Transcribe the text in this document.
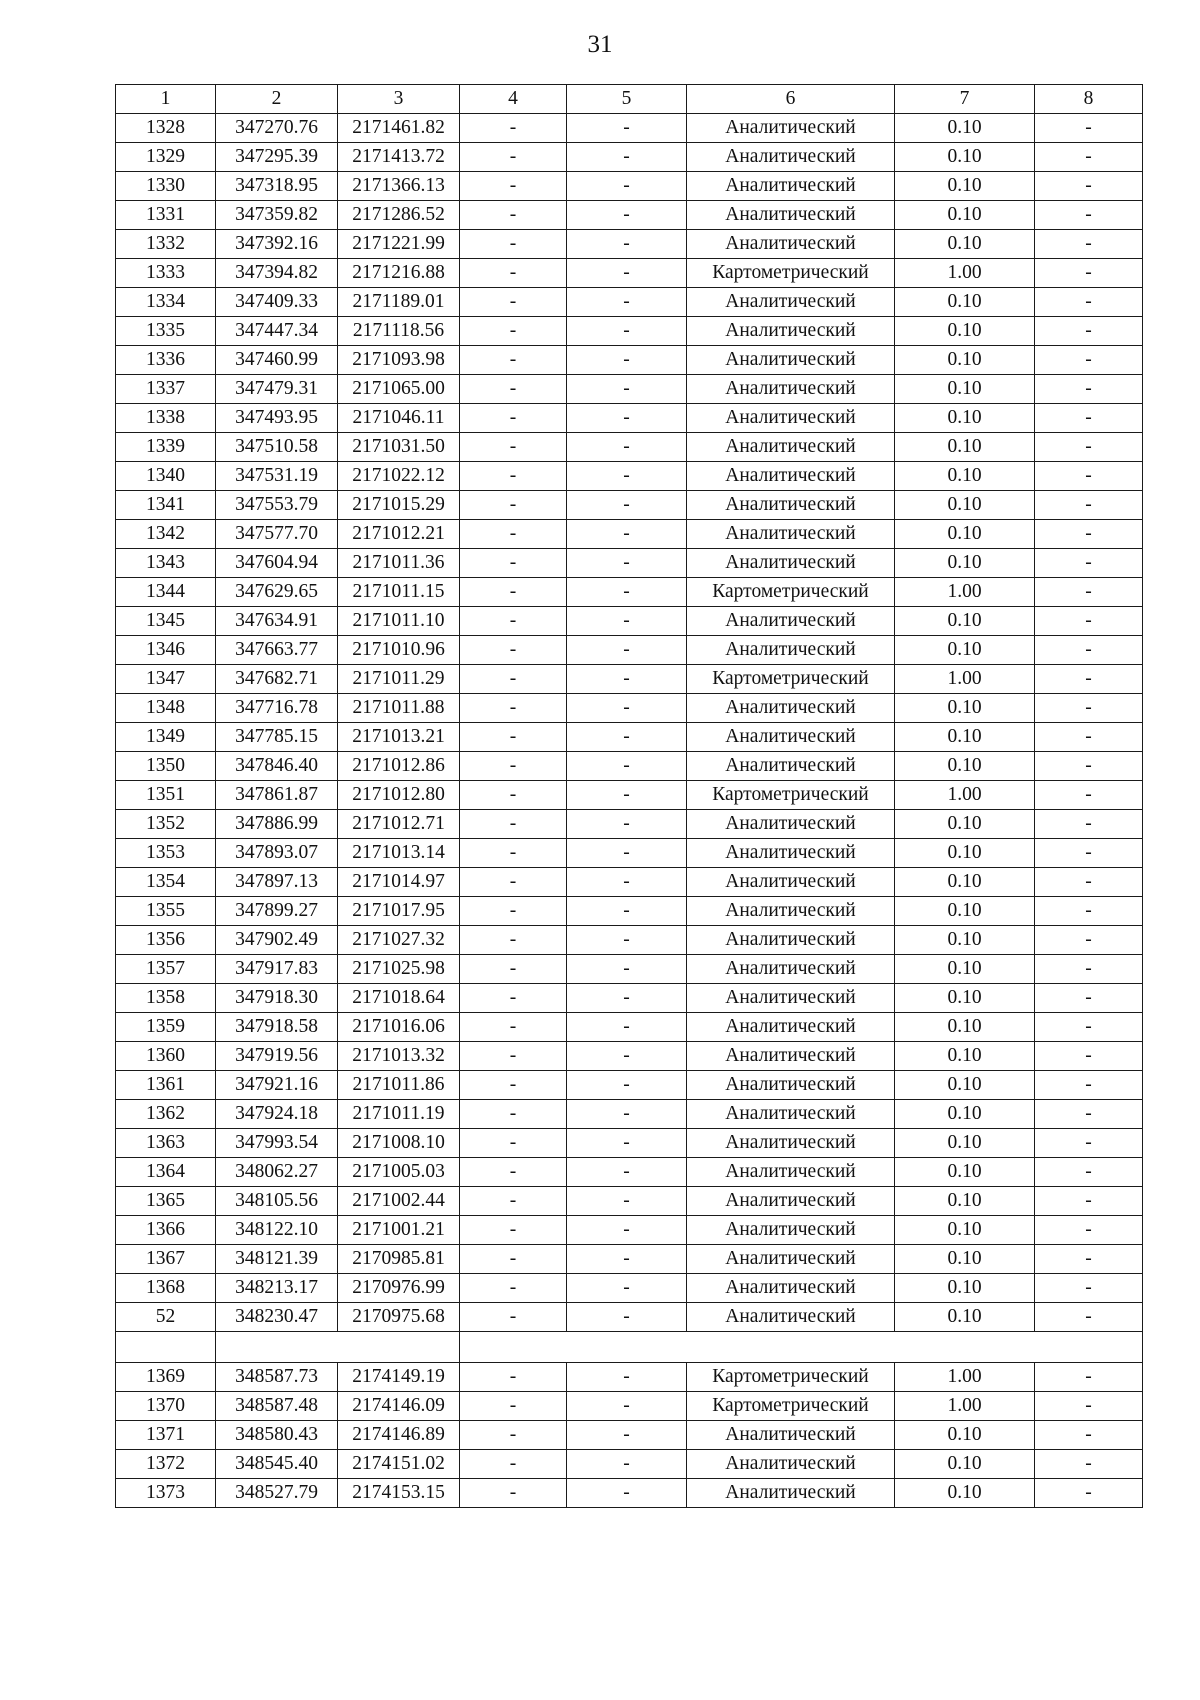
31
1	2	3	4	5	6	7	8
1328	347270.76	2171461.82	-	-	Аналитический	0.10	-
1329	347295.39	2171413.72	-	-	Аналитический	0.10	-
1330	347318.95	2171366.13	-	-	Аналитический	0.10	-
1331	347359.82	2171286.52	-	-	Аналитический	0.10	-
1332	347392.16	2171221.99	-	-	Аналитический	0.10	-
1333	347394.82	2171216.88	-	-	Картометрический	1.00	-
1334	347409.33	2171189.01	-	-	Аналитический	0.10	-
1335	347447.34	2171118.56	-	-	Аналитический	0.10	-
1336	347460.99	2171093.98	-	-	Аналитический	0.10	-
1337	347479.31	2171065.00	-	-	Аналитический	0.10	-
1338	347493.95	2171046.11	-	-	Аналитический	0.10	-
1339	347510.58	2171031.50	-	-	Аналитический	0.10	-
1340	347531.19	2171022.12	-	-	Аналитический	0.10	-
1341	347553.79	2171015.29	-	-	Аналитический	0.10	-
1342	347577.70	2171012.21	-	-	Аналитический	0.10	-
1343	347604.94	2171011.36	-	-	Аналитический	0.10	-
1344	347629.65	2171011.15	-	-	Картометрический	1.00	-
1345	347634.91	2171011.10	-	-	Аналитический	0.10	-
1346	347663.77	2171010.96	-	-	Аналитический	0.10	-
1347	347682.71	2171011.29	-	-	Картометрический	1.00	-
1348	347716.78	2171011.88	-	-	Аналитический	0.10	-
1349	347785.15	2171013.21	-	-	Аналитический	0.10	-
1350	347846.40	2171012.86	-	-	Аналитический	0.10	-
1351	347861.87	2171012.80	-	-	Картометрический	1.00	-
1352	347886.99	2171012.71	-	-	Аналитический	0.10	-
1353	347893.07	2171013.14	-	-	Аналитический	0.10	-
1354	347897.13	2171014.97	-	-	Аналитический	0.10	-
1355	347899.27	2171017.95	-	-	Аналитический	0.10	-
1356	347902.49	2171027.32	-	-	Аналитический	0.10	-
1357	347917.83	2171025.98	-	-	Аналитический	0.10	-
1358	347918.30	2171018.64	-	-	Аналитический	0.10	-
1359	347918.58	2171016.06	-	-	Аналитический	0.10	-
1360	347919.56	2171013.32	-	-	Аналитический	0.10	-
1361	347921.16	2171011.86	-	-	Аналитический	0.10	-
1362	347924.18	2171011.19	-	-	Аналитический	0.10	-
1363	347993.54	2171008.10	-	-	Аналитический	0.10	-
1364	348062.27	2171005.03	-	-	Аналитический	0.10	-
1365	348105.56	2171002.44	-	-	Аналитический	0.10	-
1366	348122.10	2171001.21	-	-	Аналитический	0.10	-
1367	348121.39	2170985.81	-	-	Аналитический	0.10	-
1368	348213.17	2170976.99	-	-	Аналитический	0.10	-
52	348230.47	2170975.68	-	-	Аналитический	0.10	-

1369	348587.73	2174149.19	-	-	Картометрический	1.00	-
1370	348587.48	2174146.09	-	-	Картометрический	1.00	-
1371	348580.43	2174146.89	-	-	Аналитический	0.10	-
1372	348545.40	2174151.02	-	-	Аналитический	0.10	-
1373	348527.79	2174153.15	-	-	Аналитический	0.10	-
